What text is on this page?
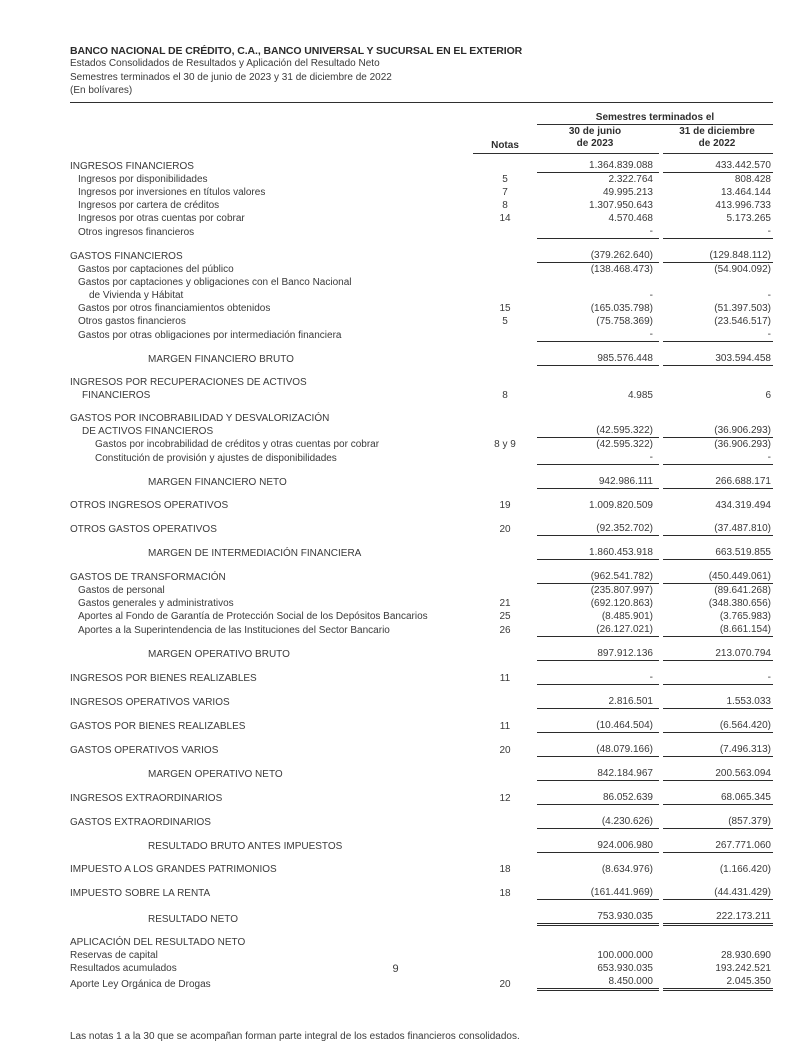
BANCO NACIONAL DE CRÉDITO, C.A., BANCO UNIVERSAL Y SUCURSAL EN EL EXTERIOR
Estados Consolidados de Resultados y Aplicación del Resultado Neto
Semestres terminados el 30 de junio de 2023 y 31 de diciembre de 2022
(En bolívares)
Semestres terminados el
Notas
30 de junio
de 2023
31 de diciembre
de 2022
INGRESOS FINANCIEROS	1.364.839.088	433.442.570
Ingresos por disponibilidades	5	2.322.764	808.428
Ingresos por inversiones en títulos valores	7	49.995.213	13.464.144
Ingresos por cartera de créditos	8	1.307.950.643	413.996.733
Ingresos por otras cuentas por cobrar	14	4.570.468	5.173.265
Otros ingresos financieros	-	-
GASTOS FINANCIEROS	(379.262.640)	(129.848.112)
Gastos por captaciones del público	(138.468.473)	(54.904.092)
Gastos por captaciones y obligaciones con el Banco Nacional
de Vivienda y Hábitat	-	-
Gastos por otros financiamientos obtenidos	15	(165.035.798)	(51.397.503)
Otros gastos financieros	5	(75.758.369)	(23.546.517)
Gastos por otras obligaciones por intermediación financiera	-	-
MARGEN FINANCIERO BRUTO	985.576.448	303.594.458
INGRESOS POR RECUPERACIONES DE ACTIVOS
FINANCIEROS	8	4.985	6
GASTOS POR INCOBRABILIDAD Y DESVALORIZACIÓN
DE ACTIVOS FINANCIEROS	(42.595.322)	(36.906.293)
Gastos por incobrabilidad de créditos y otras cuentas por cobrar	8 y 9	(42.595.322)	(36.906.293)
Constitución de provisión y ajustes de disponibilidades	-	-
MARGEN FINANCIERO NETO	942.986.111	266.688.171
OTROS INGRESOS OPERATIVOS	19	1.009.820.509	434.319.494
OTROS GASTOS OPERATIVOS	20	(92.352.702)	(37.487.810)
MARGEN DE INTERMEDIACIÓN FINANCIERA	1.860.453.918	663.519.855
GASTOS DE TRANSFORMACIÓN	(962.541.782)	(450.449.061)
Gastos de personal	(235.807.997)	(89.641.268)
Gastos generales y administrativos	21	(692.120.863)	(348.380.656)
Aportes al Fondo de Garantía de Protección Social de los Depósitos Bancarios	25	(8.485.901)	(3.765.983)
Aportes a la Superintendencia de las Instituciones del Sector Bancario	26	(26.127.021)	(8.661.154)
MARGEN OPERATIVO BRUTO	897.912.136	213.070.794
INGRESOS POR BIENES REALIZABLES	11	-	-
INGRESOS OPERATIVOS VARIOS	2.816.501	1.553.033
GASTOS POR BIENES REALIZABLES	11	(10.464.504)	(6.564.420)
GASTOS OPERATIVOS VARIOS	20	(48.079.166)	(7.496.313)
MARGEN OPERATIVO NETO	842.184.967	200.563.094
INGRESOS EXTRAORDINARIOS	12	86.052.639	68.065.345
GASTOS EXTRAORDINARIOS	(4.230.626)	(857.379)
RESULTADO BRUTO ANTES IMPUESTOS	924.006.980	267.771.060
IMPUESTO A LOS GRANDES PATRIMONIOS	18	(8.634.976)	(1.166.420)
IMPUESTO SOBRE LA RENTA	18	(161.441.969)	(44.431.429)
RESULTADO NETO	753.930.035	222.173.211
APLICACIÓN DEL RESULTADO NETO
Reservas de capital	100.000.000	28.930.690
Resultados acumulados	653.930.035	193.242.521
Aporte Ley Orgánica de Drogas	20	8.450.000	2.045.350
Las notas 1 a la 30 que se acompañan forman parte integral de los estados financieros consolidados.
9
